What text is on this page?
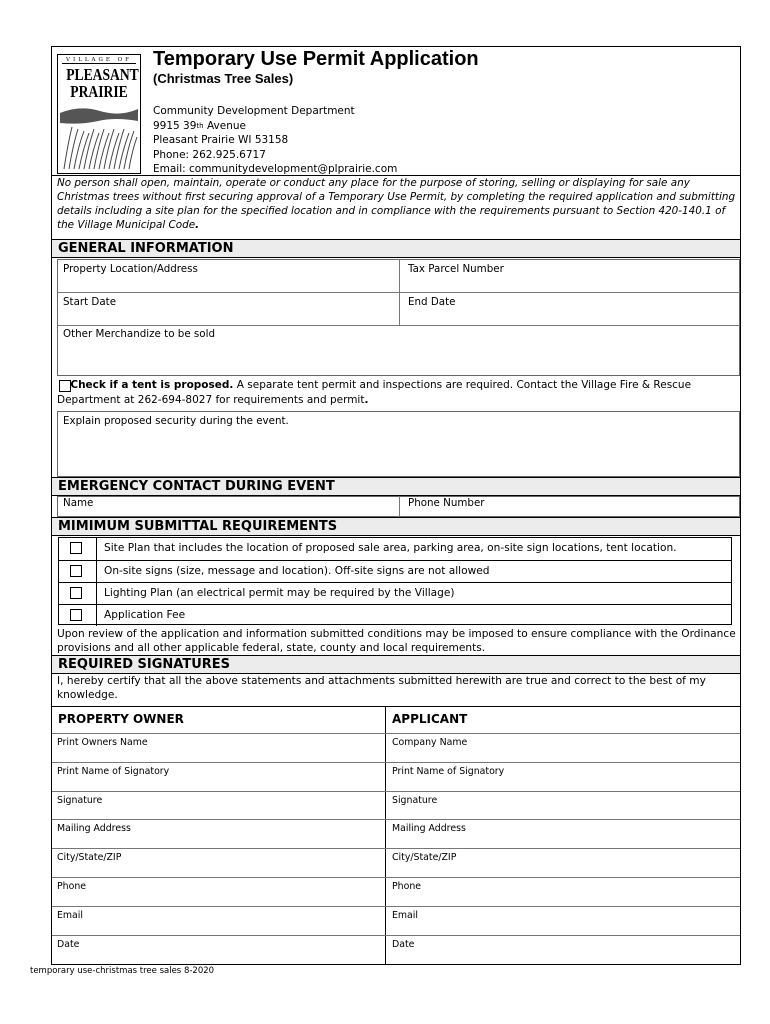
VILLAGE OF
PLEASANT
PRAIRIE
Temporary Use Permit Application
(Christmas Tree Sales)
Community Development Department
9915 39th Avenue
Pleasant Prairie WI 53158
Phone: 262.925.6717
Email: communitydevelopment@plprairie.com
No person shall open, maintain, operate or conduct any place for the purpose of storing, selling or displaying for sale any Christmas trees without first securing approval of a Temporary Use Permit, by completing the required application and submitting details including a site plan for the specified location and in compliance with the requirements pursuant to Section 420-140.1 of the Village Municipal Code.
GENERAL INFORMATION
Property Location/Address	Tax Parcel Number
Start Date	End Date
Other Merchandize to be sold
Check if a tent is proposed. A separate tent permit and inspections are required. Contact the Village Fire & Rescue Department at 262-694-8027 for requirements and permit.
Explain proposed security during the event.
EMERGENCY CONTACT DURING EVENT
Name	Phone Number
MIMIMUM SUBMITTAL REQUIREMENTS
Site Plan that includes the location of proposed sale area, parking area, on-site sign locations, tent location.
On-site signs (size, message and location). Off-site signs are not allowed
Lighting Plan (an electrical permit may be required by the Village)
Application Fee
Upon review of the application and information submitted conditions may be imposed to ensure compliance with the Ordinance provisions and all other applicable federal, state, county and local requirements.
REQUIRED SIGNATURES
I, hereby certify that all the above statements and attachments submitted herewith are true and correct to the best of my knowledge.
PROPERTY OWNER	APPLICANT
Print Owners Name	Company Name
Print Name of Signatory	Print Name of Signatory
Signature	Signature
Mailing Address	Mailing Address
City/State/ZIP	City/State/ZIP
Phone	Phone
Email	Email
Date	Date
temporary use-christmas tree sales 8-2020
